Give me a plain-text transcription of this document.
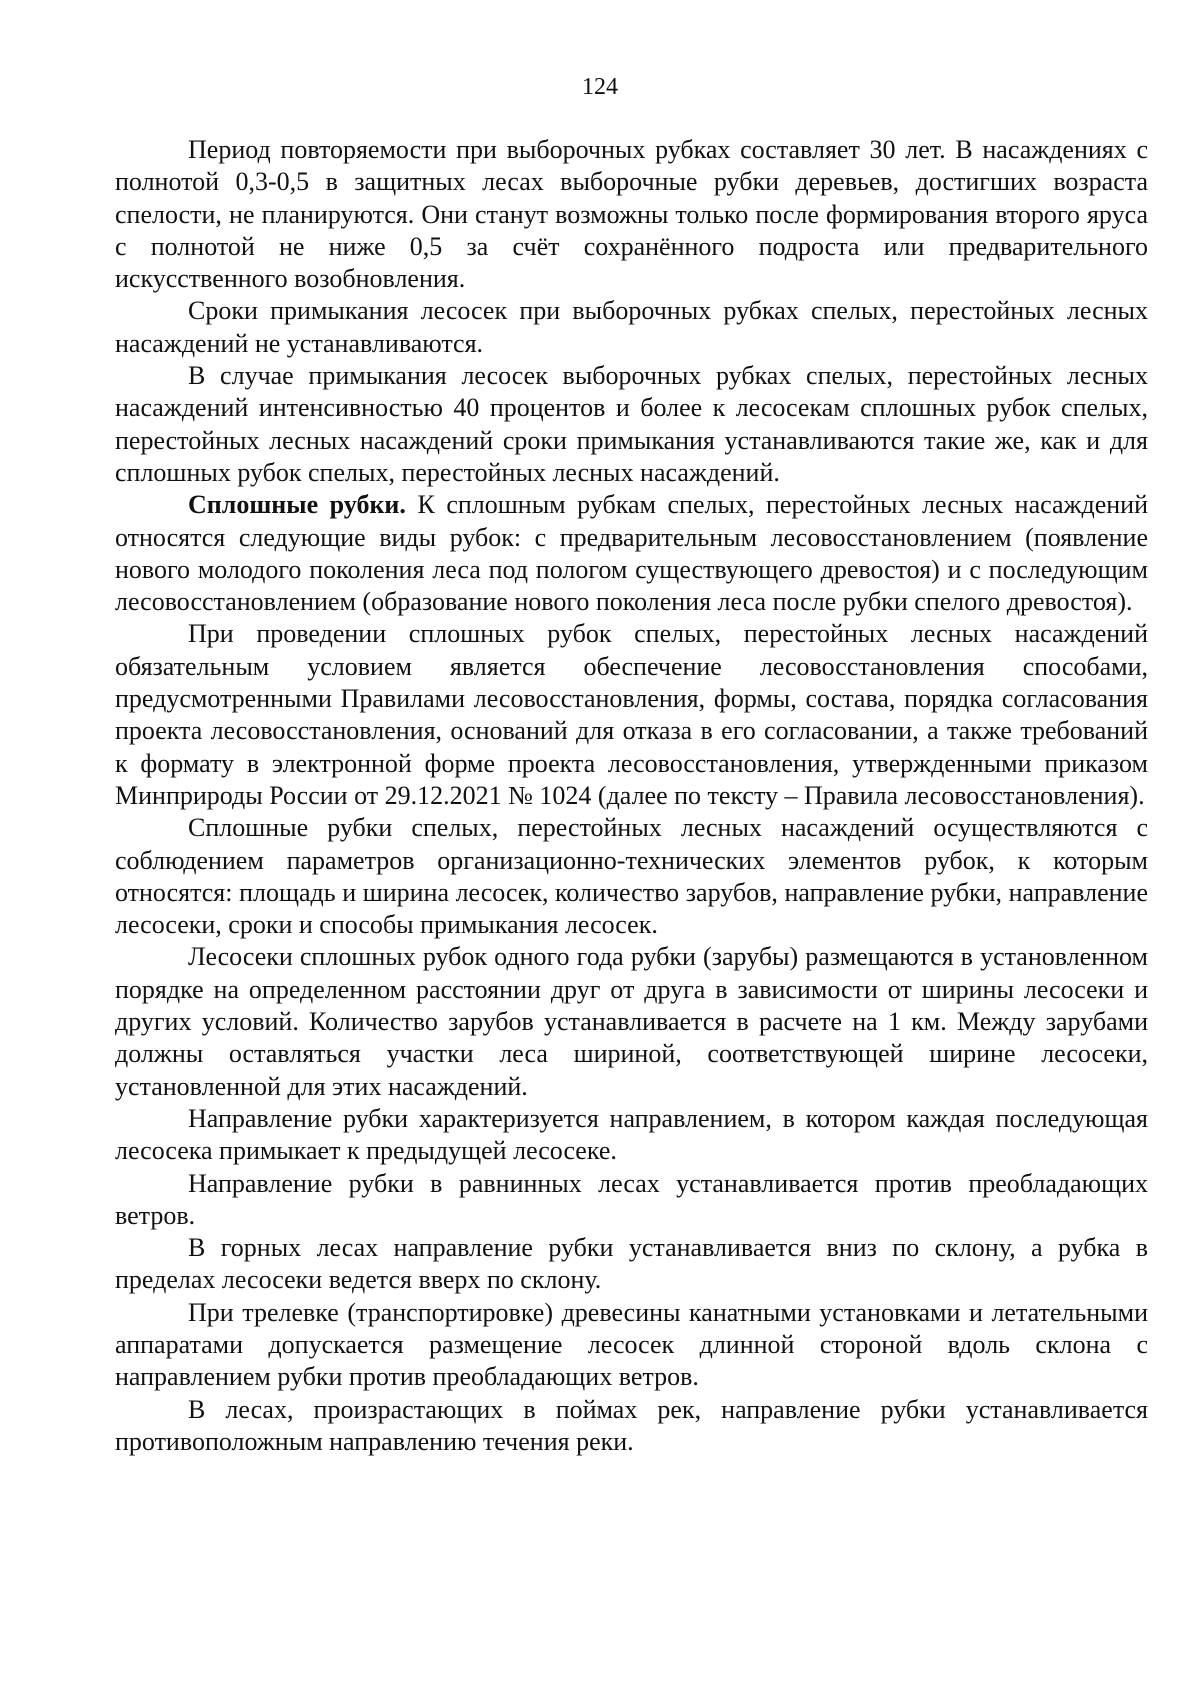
124

Период повторяемости при выборочных рубках составляет 30 лет. В насаждениях с полнотой 0,3-0,5 в защитных лесах выборочные рубки деревьев, достигших возраста спелости, не планируются. Они станут возможны только после формирования второго яруса с полнотой не ниже 0,5 за счёт сохранённого подроста или предварительного искусственного возобновления.

Сроки примыкания лесосек при выборочных рубках спелых, перестойных лесных насаждений не устанавливаются.

В случае примыкания лесосек выборочных рубках спелых, перестойных лесных насаждений интенсивностью 40 процентов и более к лесосекам сплошных рубок спелых, перестойных лесных насаждений сроки примыкания устанавливаются такие же, как и для сплошных рубок спелых, перестойных лесных насаждений.

Сплошные рубки. К сплошным рубкам спелых, перестойных лесных насаждений относятся следующие виды рубок: с предварительным лесовосстановлением (появление нового молодого поколения леса под пологом существующего древостоя) и с последующим лесовосстановлением (образование нового поколения леса после рубки спелого древостоя).

При проведении сплошных рубок спелых, перестойных лесных насаждений обязательным условием является обеспечение лесовосстановления способами, предусмотренными Правилами лесовосстановления, формы, состава, порядка согласования проекта лесовосстановления, оснований для отказа в его согласовании, а также требований к формату в электронной форме проекта лесовосстановления, утвержденными приказом Минприроды России от 29.12.2021 № 1024 (далее по тексту – Правила лесовосстановления).

Сплошные рубки спелых, перестойных лесных насаждений осуществляются с соблюдением параметров организационно-технических элементов рубок, к которым относятся: площадь и ширина лесосек, количество зарубов, направление рубки, направление лесосеки, сроки и способы примыкания лесосек.

Лесосеки сплошных рубок одного года рубки (зарубы) размещаются в установленном порядке на определенном расстоянии друг от друга в зависимости от ширины лесосеки и других условий. Количество зарубов устанавливается в расчете на 1 км. Между зарубами должны оставляться участки леса шириной, соответствующей ширине лесосеки, установленной для этих насаждений.

Направление рубки характеризуется направлением, в котором каждая последующая лесосека примыкает к предыдущей лесосеке.

Направление рубки в равнинных лесах устанавливается против преобладающих ветров.

В горных лесах направление рубки устанавливается вниз по склону, а рубка в пределах лесосеки ведется вверх по склону.

При трелевке (транспортировке) древесины канатными установками и летательными аппаратами допускается размещение лесосек длинной стороной вдоль склона с направлением рубки против преобладающих ветров.

В лесах, произрастающих в поймах рек, направление рубки устанавливается противоположным направлению течения реки.
